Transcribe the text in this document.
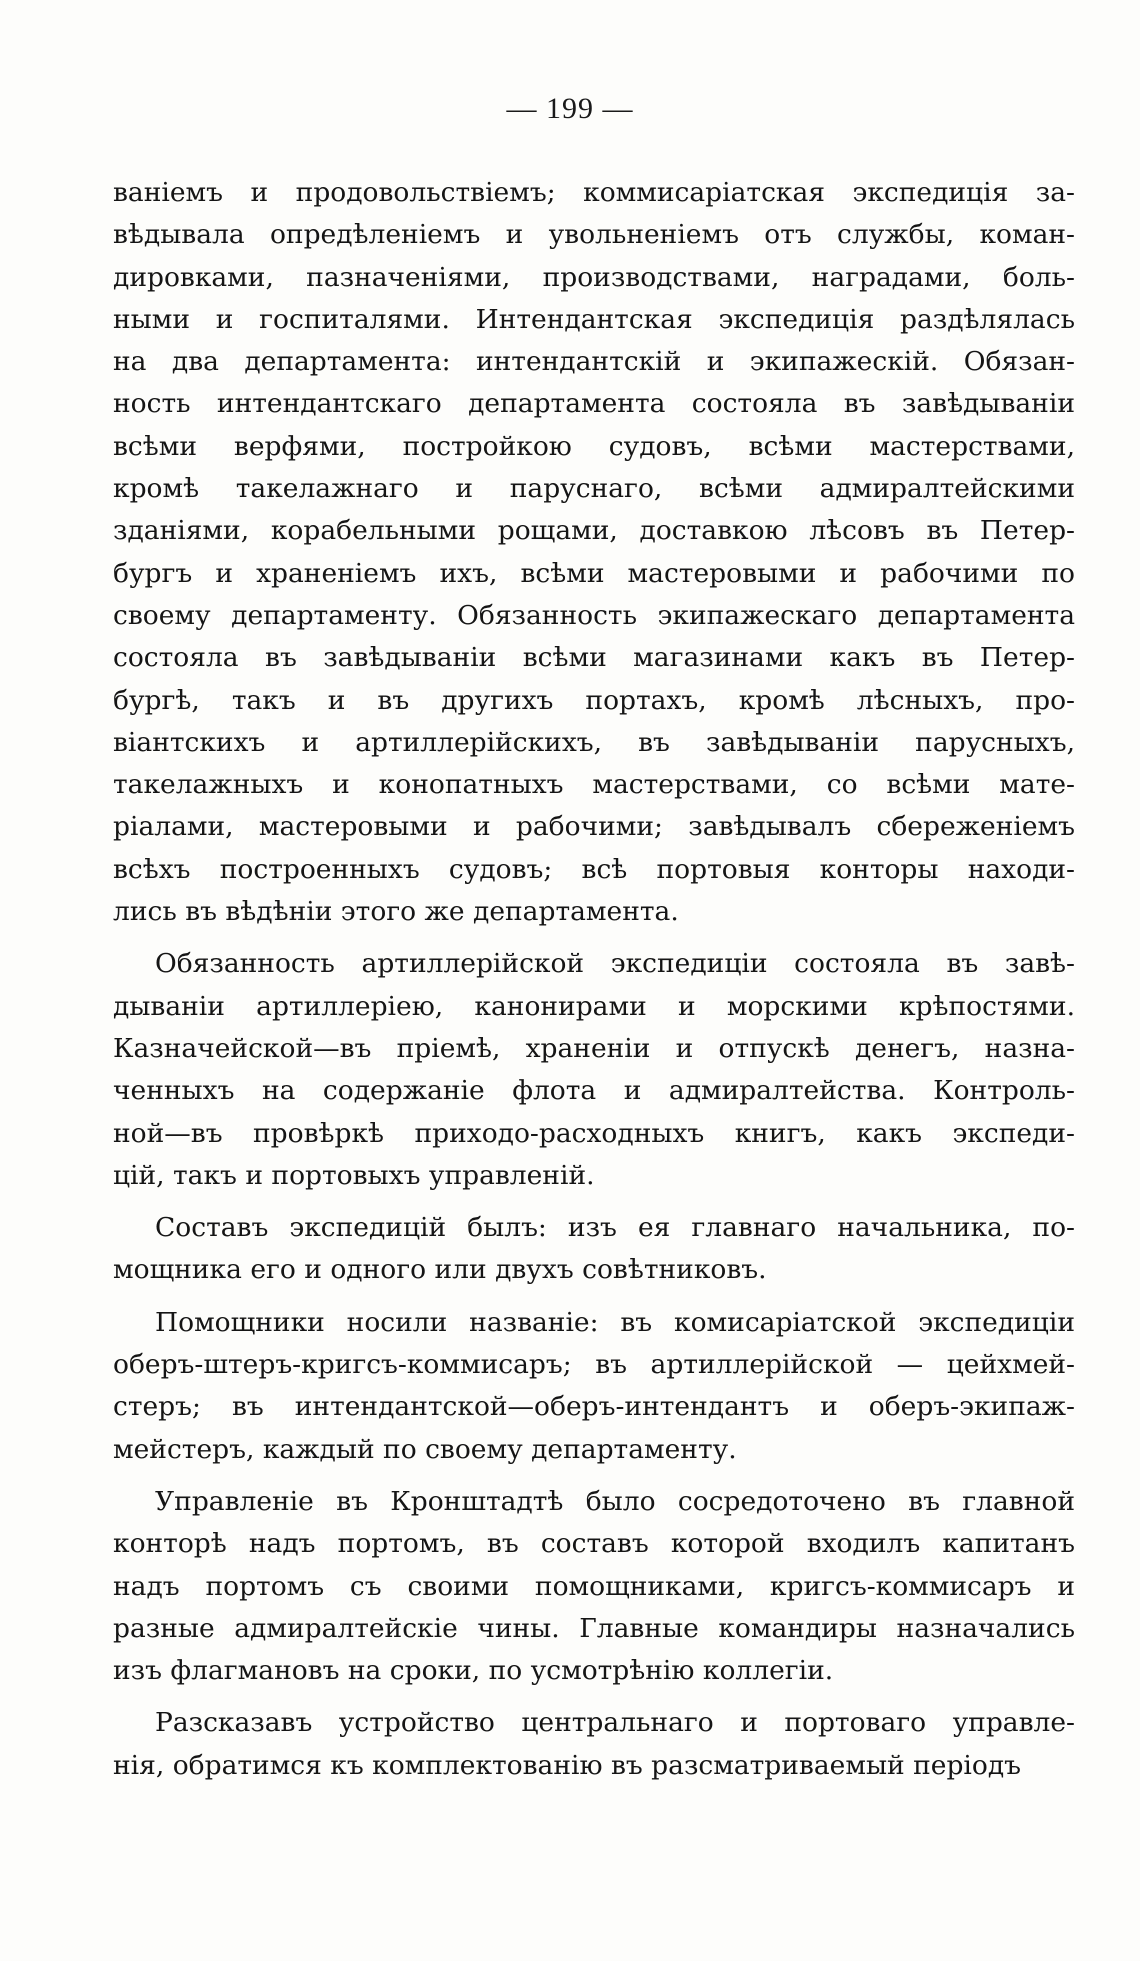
— 199 —
ваніемъ и продовольствіемъ; коммисаріатская экспедиція за-
вѣдывала опредѣленіемъ и увольненіемъ отъ службы, коман-
дировками, пазначеніями, производствами, наградами, боль-
ными и госпиталями. Интендантская экспедиція раздѣлялась
на два департамента: интендантскій и экипажескій. Обязан-
ность интендантскаго департамента состояла въ завѣдываніи
всѣми верфями, постройкою судовъ, всѣми мастерствами,
кромѣ такелажнаго и паруснаго, всѣми адмиралтейскими
зданіями, корабельными рощами, доставкою лѣсовъ въ Петер-
бургъ и храненіемъ ихъ, всѣми мастеровыми и рабочими по
своему департаменту. Обязанность экипажескаго департамента
состояла въ завѣдываніи всѣми магазинами какъ въ Петер-
бургѣ, такъ и въ другихъ портахъ, кромѣ лѣсныхъ, про-
віантскихъ и артиллерійскихъ, въ завѣдываніи парусныхъ,
такелажныхъ и конопатныхъ мастерствами, со всѣми мате-
ріалами, мастеровыми и рабочими; завѣдывалъ сбереженіемъ
всѣхъ построенныхъ судовъ; всѣ портовыя конторы находи-
лись въ вѣдѣніи этого же департамента.
Обязанность артиллерійской экспедиціи состояла въ завѣ-
дываніи артиллеріею, канонирами и морскими крѣпостями.
Казначейской—въ пріемѣ, храненіи и отпускѣ денегъ, назна-
ченныхъ на содержаніе флота и адмиралтейства. Контроль-
ной—въ провѣркѣ приходо-расходныхъ книгъ, какъ экспеди-
цій, такъ и портовыхъ управленій.
Составъ экспедицій былъ: изъ ея главнаго начальника, по-
мощника его и одного или двухъ совѣтниковъ.
Помощники носили названіе: въ комисаріатской экспедиціи
оберъ-штеръ-кригсъ-коммисаръ; въ артиллерійской — цейхмей-
стеръ; въ интендантской—оберъ-интендантъ и оберъ-экипаж-
мейстеръ, каждый по своему департаменту.
Управленіе въ Кронштадтѣ было сосредоточено въ главной
конторѣ надъ портомъ, въ составъ которой входилъ капитанъ
надъ портомъ съ своими помощниками, кригсъ-коммисаръ и
разные адмиралтейскіе чины. Главные командиры назначались
изъ флагмановъ на сроки, по усмотрѣнію коллегіи.
Разсказавъ устройство центральнаго и портоваго управле-
нія, обратимся къ комплектованію въ разсматриваемый періодъ
